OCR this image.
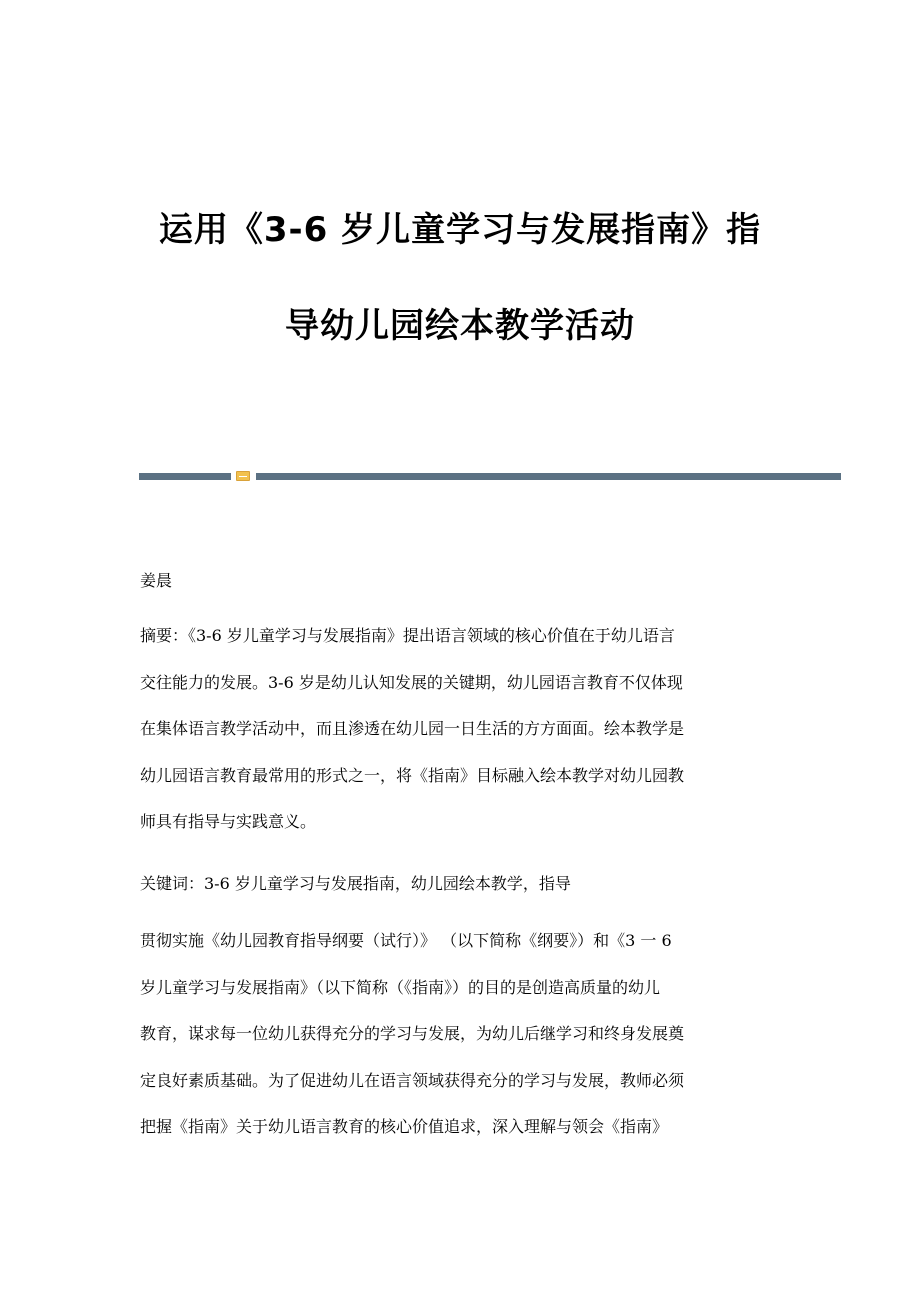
运用《3-6 岁儿童学习与发展指南》指
导幼儿园绘本教学活动
姜晨
摘要：《3-6 岁儿童学习与发展指南》提出语言领域的核心价值在于幼儿语言
交往能力的发展。3-6 岁是幼儿认知发展的关键期，幼儿园语言教育不仅体现
在集体语言教学活动中，而且渗透在幼儿园一日生活的方方面面。绘本教学是
幼儿园语言教育最常用的形式之一，将《指南》目标融入绘本教学对幼儿园教
师具有指导与实践意义。
关键词：3-6 岁儿童学习与发展指南，幼儿园绘本教学，指导
贯彻实施《幼儿园教育指导纲要（试行）》 （以下简称《纲要》）和《3 一 6
岁儿童学习与发展指南》（以下简称（《指南》）的目的是创造高质量的幼儿
教育，谋求每一位幼儿获得充分的学习与发展，为幼儿后继学习和终身发展奠
定良好素质基础。为了促进幼儿在语言领域获得充分的学习与发展，教师必须
把握《指南》关于幼儿语言教育的核心价值追求，深入理解与领会《指南》
